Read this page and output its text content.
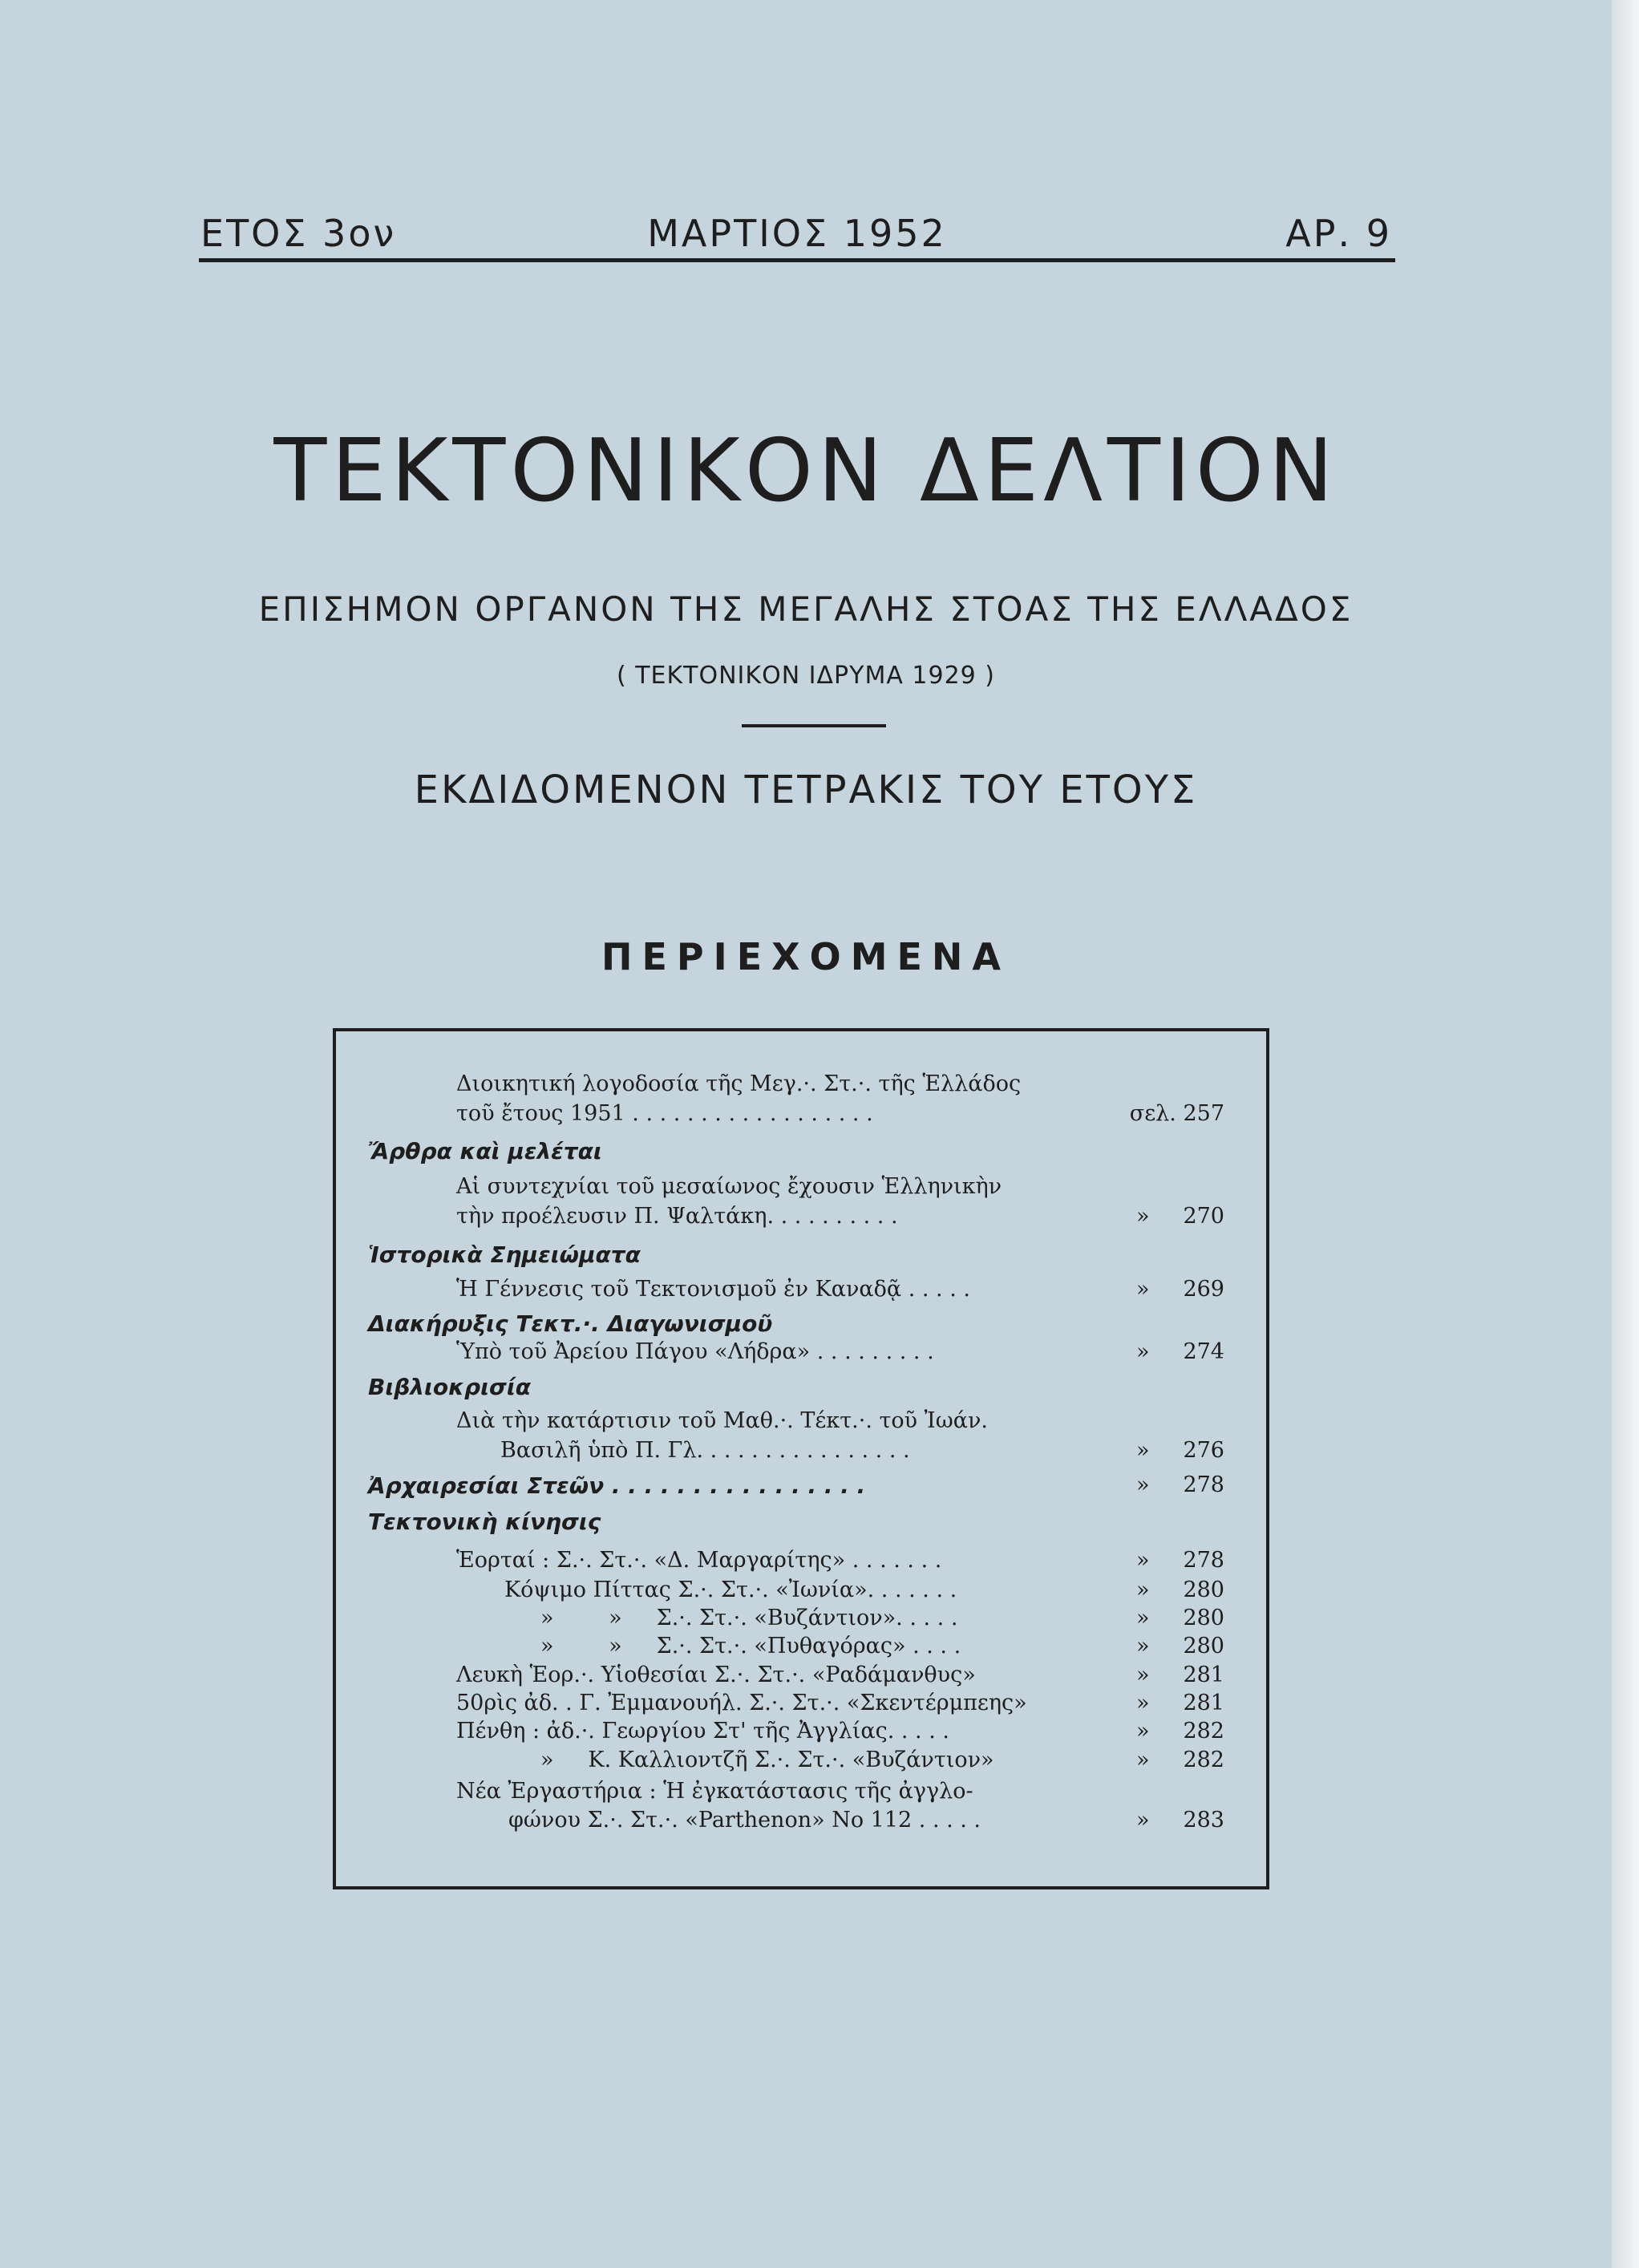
ΕΤΟΣ 3ον	ΜΑΡΤΙΟΣ 1952	ΑΡ. 9
ΤΕΚΤΟΝΙΚΟΝ ΔΕΛΤΙΟΝ
ΕΠΙΣΗΜΟΝ ΟΡΓΑΝΟΝ ΤΗΣ ΜΕΓΑΛΗΣ ΣΤΟΑΣ ΤΗΣ ΕΛΛΑΔΟΣ
( ΤΕΚΤΟΝΙΚΟΝ ΙΔΡΥΜΑ 1929 )
ΕΚΔΙΔΟΜΕΝΟΝ ΤΕΤΡΑΚΙΣ ΤΟΥ ΕΤΟΥΣ
ΠΕΡΙΕΧΟΜΕΝΑ
Διοικητική λογοδοσία τῆς Μεγ.·. Στ.·. τῆς Ἑλλάδος
τοῦ ἔτους 1951 . . . . . . . . . . . . . . . . . .	σελ. 257
Ἄρθρα καὶ μελέται
Αἱ συντεχνίαι τοῦ μεσαίωνος ἔχουσιν Ἑλληνικὴν
τὴν προέλευσιν Π. Ψαλτάκη. . . . . . . . . .	» 270
Ἱστορικὰ Σημειώματα
Ἡ Γέννεσις τοῦ Τεκτονισμοῦ ἐν Καναδᾷ . . . . .	» 269
Διακήρυξις Τεκτ.·. Διαγωνισμοῦ
Ὑπὸ τοῦ Ἀρείου Πάγου «Λήδρα» . . . . . . . . .	» 274
Βιβλιοκρισία
Διὰ τὴν κατάρτισιν τοῦ Μαθ.·. Τέκτ.·. τοῦ Ἰωάν.
Βασιλῆ ὑπὸ Π. Γλ. . . . . . . . . . . . . . . .	» 276
Ἀρχαιρεσίαι Στεῶν . . . . . . . . . . . . . . . .	» 278
Τεκτονικὴ κίνησις
Ἑορταί : Σ.·. Στ.·. «Δ. Μαργαρίτης» . . . . . . .	» 278
Κόψιμο Πίττας Σ.·. Στ.·. «Ἰωνία». . . . . . .	» 280
»        »     Σ.·. Στ.·. «Βυζάντιον». . . . .	» 280
»        »     Σ.·. Στ.·. «Πυθαγόρας» . . . .	» 280
Λευκὴ Ἑορ.·. Υἱοθεσίαι Σ.·. Στ.·. «Ραδάμανθυς»	» 281
50ρὶς ἀδ. . Γ. Ἐμμανουήλ. Σ.·. Στ.·. «Σκεντέρμπεης»	» 281
Πένθη : ἀδ.·. Γεωργίου Στ' τῆς Ἀγγλίας. . . . .	» 282
»     Κ. Καλλιοντζῆ Σ.·. Στ.·. «Βυζάντιον»	» 282
Νέα Ἐργαστήρια : Ἡ ἐγκατάστασις τῆς ἀγγλο-
φώνου Σ.·. Στ.·. «Parthenon» Νο 112 . . . . .	» 283
